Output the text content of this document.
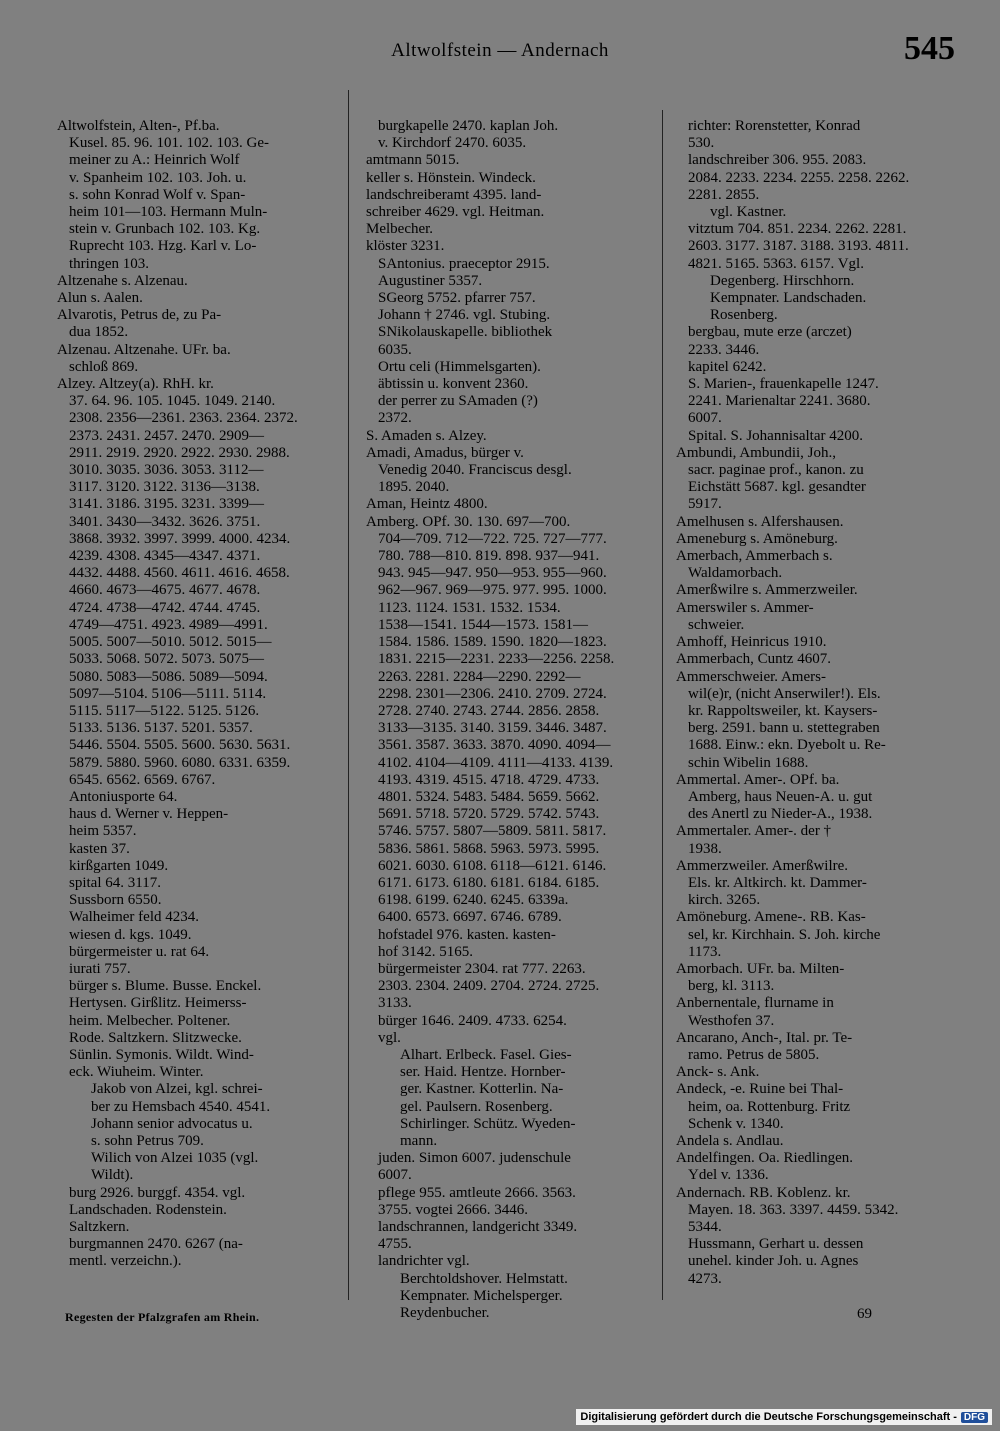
Altwolfstein — Andernach	545
Altwolfstein, Alten-, Pf.ba.
Kusel. 85. 96. 101. 102. 103. Ge-
meiner zu A.: Heinrich Wolf
v. Spanheim 102. 103. Joh. u.
s. sohn Konrad Wolf v. Span-
heim 101—103. Hermann Muln-
stein v. Grunbach 102. 103. Kg.
Ruprecht 103. Hzg. Karl v. Lo-
thringen 103.
Altzenahe s. Alzenau.
Alun s. Aalen.
Alvarotis, Petrus de, zu Pa-
dua 1852.
Alzenau. Altzenahe. UFr. ba.
schloß 869.
Alzey. Altzey(a). RhH. kr.
37. 64. 96. 105. 1045. 1049. 2140.
2308. 2356—2361. 2363. 2364. 2372.
2373. 2431. 2457. 2470. 2909—
2911. 2919. 2920. 2922. 2930. 2988.
3010. 3035. 3036. 3053. 3112—
3117. 3120. 3122. 3136—3138.
3141. 3186. 3195. 3231. 3399—
3401. 3430—3432. 3626. 3751.
3868. 3932. 3997. 3999. 4000. 4234.
4239. 4308. 4345—4347. 4371.
4432. 4488. 4560. 4611. 4616. 4658.
4660. 4673—4675. 4677. 4678.
4724. 4738—4742. 4744. 4745.
4749—4751. 4923. 4989—4991.
5005. 5007—5010. 5012. 5015—
5033. 5068. 5072. 5073. 5075—
5080. 5083—5086. 5089—5094.
5097—5104. 5106—5111. 5114.
5115. 5117—5122. 5125. 5126.
5133. 5136. 5137. 5201. 5357.
5446. 5504. 5505. 5600. 5630. 5631.
5879. 5880. 5960. 6080. 6331. 6359.
6545. 6562. 6569. 6767.
Antoniusporte 64.
haus d. Werner v. Heppen-
heim 5357.
kasten 37.
kirßgarten 1049.
spital 64. 3117.
Sussborn 6550.
Walheimer feld 4234.
wiesen d. kgs. 1049.
bürgermeister u. rat 64.
iurati 757.
bürger s. Blume. Busse. Enckel.
Hertysen. Girßlitz. Heimerss-
heim. Melbecher. Poltener.
Rode. Saltzkern. Slitzwecke.
Sünlin. Symonis. Wildt. Wind-
eck. Wiuheim. Winter.
Jakob von Alzei, kgl. schrei-
ber zu Hemsbach 4540. 4541.
Johann senior advocatus u.
s. sohn Petrus 709.
Wilich von Alzei 1035 (vgl.
Wildt).
burg 2926. burggf. 4354. vgl.
Landschaden. Rodenstein.
Saltzkern.
burgmannen 2470. 6267 (na-
mentl. verzeichn.).
burgkapelle 2470. kaplan Joh.
v. Kirchdorf 2470. 6035.
amtmann 5015.
keller s. Hönstein. Windeck.
landschreiberamt 4395. land-
schreiber 4629. vgl. Heitman.
Melbecher.
klöster 3231.
SAntonius. praeceptor 2915.
Augustiner 5357.
SGeorg 5752. pfarrer 757.
Johann † 2746. vgl. Stubing.
SNikolauskapelle. bibliothek
6035.
Ortu celi (Himmelsgarten).
äbtissin u. konvent 2360.
der perrer zu SAmaden (?)
2372.
S. Amaden s. Alzey.
Amadi, Amadus, bürger v.
Venedig 2040. Franciscus desgl.
1895. 2040.
Aman, Heintz 4800.
Amberg. OPf. 30. 130. 697—700.
704—709. 712—722. 725. 727—777.
780. 788—810. 819. 898. 937—941.
943. 945—947. 950—953. 955—960.
962—967. 969—975. 977. 995. 1000.
1123. 1124. 1531. 1532. 1534.
1538—1541. 1544—1573. 1581—
1584. 1586. 1589. 1590. 1820—1823.
1831. 2215—2231. 2233—2256. 2258.
2263. 2281. 2284—2290. 2292—
2298. 2301—2306. 2410. 2709. 2724.
2728. 2740. 2743. 2744. 2856. 2858.
3133—3135. 3140. 3159. 3446. 3487.
3561. 3587. 3633. 3870. 4090. 4094—
4102. 4104—4109. 4111—4133. 4139.
4193. 4319. 4515. 4718. 4729. 4733.
4801. 5324. 5483. 5484. 5659. 5662.
5691. 5718. 5720. 5729. 5742. 5743.
5746. 5757. 5807—5809. 5811. 5817.
5836. 5861. 5868. 5963. 5973. 5995.
6021. 6030. 6108. 6118—6121. 6146.
6171. 6173. 6180. 6181. 6184. 6185.
6198. 6199. 6240. 6245. 6339a.
6400. 6573. 6697. 6746. 6789.
hofstadel 976. kasten. kasten-
hof 3142. 5165.
bürgermeister 2304. rat 777. 2263.
2303. 2304. 2409. 2704. 2724. 2725.
3133.
bürger 1646. 2409. 4733. 6254.
vgl.
Alhart. Erlbeck. Fasel. Gies-
ser. Haid. Hentze. Hornber-
ger. Kastner. Kotterlin. Na-
gel. Paulsern. Rosenberg.
Schirlinger. Schütz. Wyeden-
mann.
juden. Simon 6007. judenschule
6007.
pflege 955. amtleute 2666. 3563.
3755. vogtei 2666. 3446.
landschrannen, landgericht 3349.
4755.
landrichter vgl.
Berchtoldshover. Helmstatt.
Kempnater. Michelsperger.
Reydenbucher.
richter: Rorenstetter, Konrad
530.
landschreiber 306. 955. 2083.
2084. 2233. 2234. 2255. 2258. 2262.
2281. 2855.
vgl. Kastner.
vitztum 704. 851. 2234. 2262. 2281.
2603. 3177. 3187. 3188. 3193. 4811.
4821. 5165. 5363. 6157. Vgl.
Degenberg. Hirschhorn.
Kempnater. Landschaden.
Rosenberg.
bergbau, mute erze (arczet)
2233. 3446.
kapitel 6242.
S. Marien-, frauenkapelle 1247.
2241. Marienaltar 2241. 3680.
6007.
Spital. S. Johannisaltar 4200.
Ambundi, Ambundii, Joh.,
sacr. paginae prof., kanon. zu
Eichstätt 5687. kgl. gesandter
5917.
Amelhusen s. Alfershausen.
Ameneburg s. Amöneburg.
Amerbach, Ammerbach s.
Waldamorbach.
Amerßwilre s. Ammerzweiler.
Amerswiler s. Ammer-
schweier.
Amhoff, Heinricus 1910.
Ammerbach, Cuntz 4607.
Ammerschweier. Amers-
wil(e)r, (nicht Anserwiler!). Els.
kr. Rappoltsweiler, kt. Kaysers-
berg. 2591. bann u. stettegraben
1688. Einw.: ekn. Dyebolt u. Re-
schin Wibelin 1688.
Ammertal. Amer-. OPf. ba.
Amberg, haus Neuen-A. u. gut
des Anertl zu Nieder-A., 1938.
Ammertaler. Amer-. der †
1938.
Ammerzweiler. Amerßwilre.
Els. kr. Altkirch. kt. Dammer-
kirch. 3265.
Amöneburg. Amene-. RB. Kas-
sel, kr. Kirchhain. S. Joh. kirche
1173.
Amorbach. UFr. ba. Milten-
berg, kl. 3113.
Anbernentale, flurname in
Westhofen 37.
Ancarano, Anch-, Ital. pr. Te-
ramo. Petrus de 5805.
Anck- s. Ank.
Andeck, -e. Ruine bei Thal-
heim, oa. Rottenburg. Fritz
Schenk v. 1340.
Andela s. Andlau.
Andelfingen. Oa. Riedlingen.
Ydel v. 1336.
Andernach. RB. Koblenz. kr.
Mayen. 18. 363. 3397. 4459. 5342.
5344.
Hussmann, Gerhart u. dessen
unehel. kinder Joh. u. Agnes
4273.
Regesten der Pfalzgrafen am Rhein.	69
Digitalisierung gefördert durch die Deutsche Forschungsgemeinschaft - DFG
